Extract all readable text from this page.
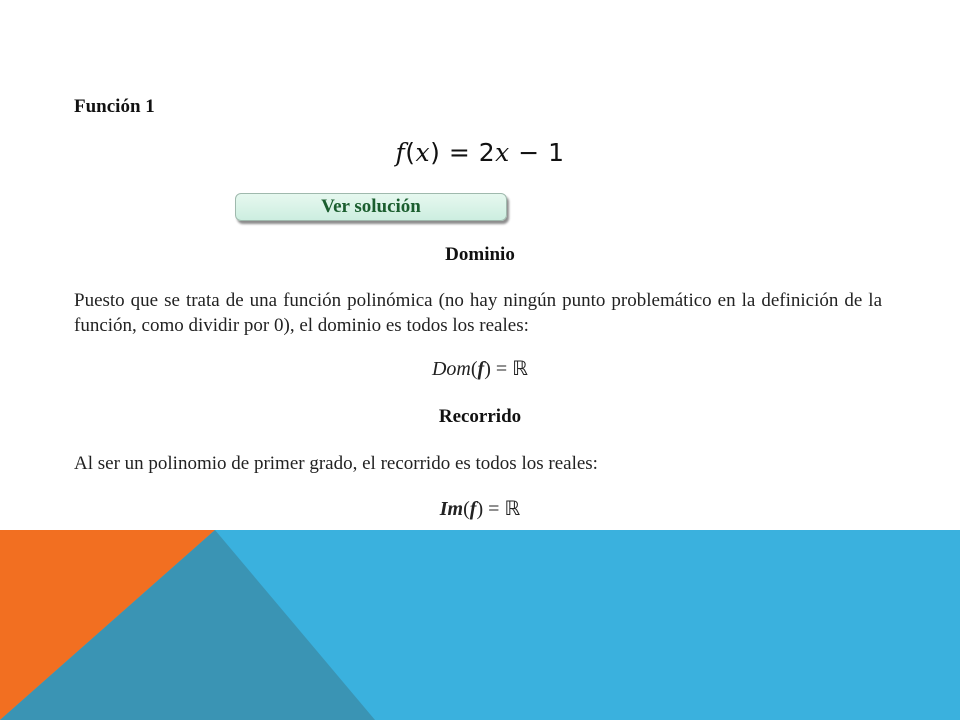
Función 1
f(x) = 2x − 1
Ver solución
Dominio

Puesto que se trata de una función polinómica (no hay ningún punto problemático en la definición de la función, como dividir por 0), el dominio es todos los reales:

Dom(f) = ℝ
Recorrido

Al ser un polinomio de primer grado, el recorrido es todos los reales:

Im(f) = ℝ
